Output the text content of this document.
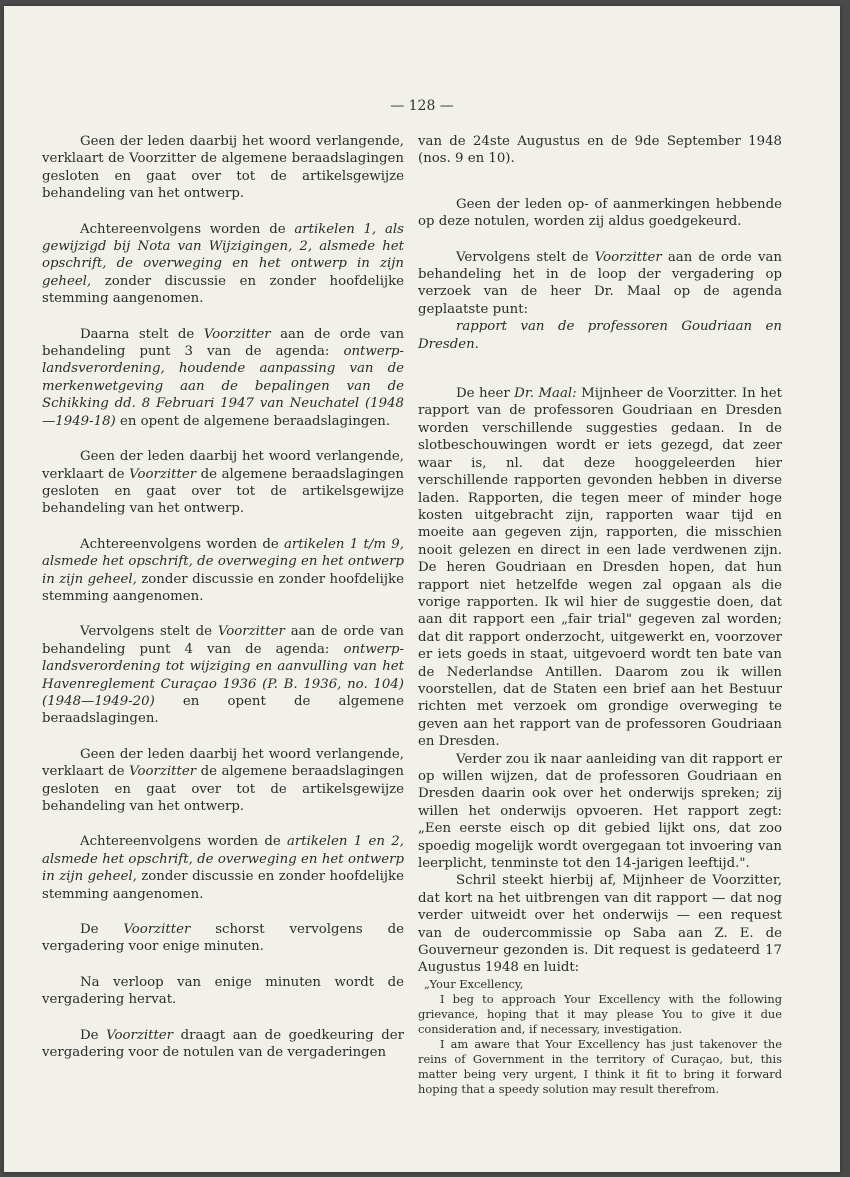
— 128 —

Geen der leden daarbij het woord verlangende, verklaart de Voorzitter de algemene beraadslagingen gesloten en gaat over tot de artikelsgewijze behandeling van het ontwerp.

Achtereenvolgens worden de artikelen 1, als gewijzigd bij Nota van Wijzigingen, 2, alsmede het opschrift, de overweging en het ontwerp in zijn geheel, zonder discussie en zonder hoofdelijke stemming aangenomen.

Daarna stelt de Voorzitter aan de orde van behandeling punt 3 van de agenda: ontwerp-landsverordening, houdende aanpassing van de merkenwetgeving aan de bepalingen van de Schikking dd. 8 Februari 1947 van Neuchatel (1948—1949-18) en opent de algemene beraadslagingen.

Geen der leden daarbij het woord verlangende, verklaart de Voorzitter de algemene beraadslagingen gesloten en gaat over tot de artikelsgewijze behandeling van het ontwerp.

Achtereenvolgens worden de artikelen 1 t/m 9, alsmede het opschrift, de overweging en het ontwerp in zijn geheel, zonder discussie en zonder hoofdelijke stemming aangenomen.

Vervolgens stelt de Voorzitter aan de orde van behandeling punt 4 van de agenda: ontwerp-landsverordening tot wijziging en aanvulling van het Havenreglement Curaçao 1936 (P. B. 1936, no. 104) (1948—1949-20) en opent de algemene beraadslagingen.

Geen der leden daarbij het woord verlangende, verklaart de Voorzitter de algemene beraadslagingen gesloten en gaat over tot de artikelsgewijze behandeling van het ontwerp.

Achtereenvolgens worden de artikelen 1 en 2, alsmede het opschrift, de overweging en het ontwerp in zijn geheel, zonder discussie en zonder hoofdelijke stemming aangenomen.

De Voorzitter schorst vervolgens de vergadering voor enige minuten.

Na verloop van enige minuten wordt de vergadering hervat.

De Voorzitter draagt aan de goedkeuring der vergadering voor de notulen van de vergaderingen

van de 24ste Augustus en de 9de September 1948 (nos. 9 en 10).

Geen der leden op- of aanmerkingen hebbende op deze notulen, worden zij aldus goedgekeurd.

Vervolgens stelt de Voorzitter aan de orde van behandeling het in de loop der vergadering op verzoek van de heer Dr. Maal op de agenda geplaatste punt:

rapport van de professoren Goudriaan en Dresden.

De heer Dr. Maal: Mijnheer de Voorzitter. In het rapport van de professoren Goudriaan en Dresden worden verschillende suggesties gedaan. In de slotbeschouwingen wordt er iets gezegd, dat zeer waar is, nl. dat deze hooggeleerden hier verschillende rapporten gevonden hebben in diverse laden. Rapporten, die tegen meer of minder hoge kosten uitgebracht zijn, rapporten waar tijd en moeite aan gegeven zijn, rapporten, die misschien nooit gelezen en direct in een lade verdwenen zijn. De heren Goudriaan en Dresden hopen, dat hun rapport niet hetzelfde wegen zal opgaan als die vorige rapporten. Ik wil hier de suggestie doen, dat aan dit rapport een „fair trial" gegeven zal worden; dat dit rapport onderzocht, uitgewerkt en, voorzover er iets goeds in staat, uitgevoerd wordt ten bate van de Nederlandse Antillen. Daarom zou ik willen voorstellen, dat de Staten een brief aan het Bestuur richten met verzoek om grondige overweging te geven aan het rapport van de professoren Goudriaan en Dresden.

Verder zou ik naar aanleiding van dit rapport er op willen wijzen, dat de professoren Goudriaan en Dresden daarin ook over het onderwijs spreken; zij willen het onderwijs opvoeren. Het rapport zegt: „Een eerste eisch op dit gebied lijkt ons, dat zoo spoedig mogelijk wordt overgegaan tot invoering van leerplicht, tenminste tot den 14-jarigen leeftijd.".

Schril steekt hierbij af, Mijnheer de Voorzitter, dat kort na het uitbrengen van dit rapport — dat nog verder uitweidt over het onderwijs — een request van de oudercommissie op Saba aan Z. E. de Gouverneur gezonden is. Dit request is gedateerd 17 Augustus 1948 en luidt:

„Your Excellency,

I beg to approach Your Excellency with the following grievance, hoping that it may please You to give it due consideration and, if necessary, investigation.

I am aware that Your Excellency has just takenover the reins of Government in the territory of Curaçao, but, this matter being very urgent, I think it fit to bring it forward hoping that a speedy solution may result therefrom.
